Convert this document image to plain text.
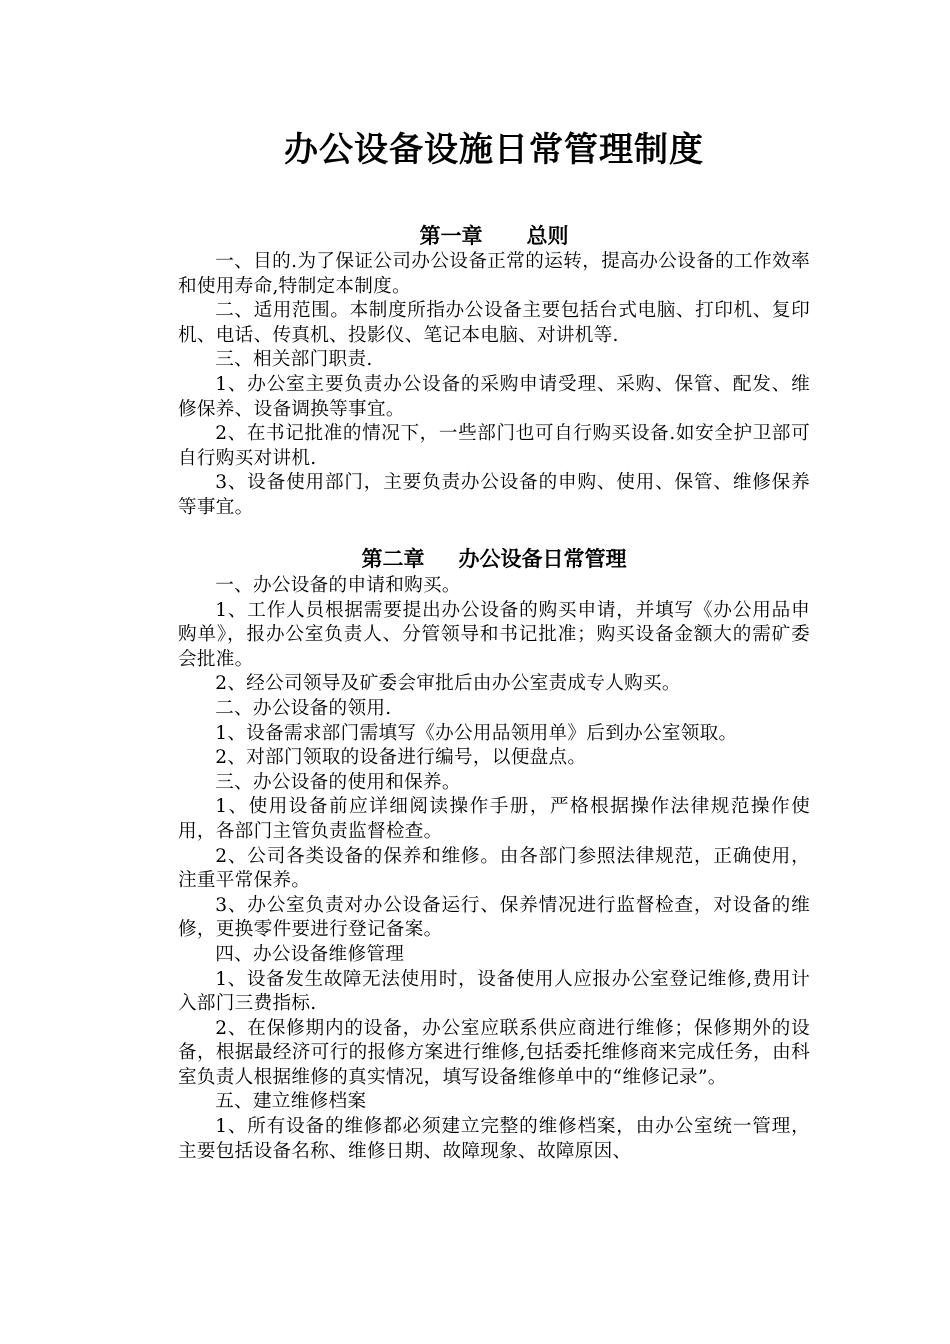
办公设备设施日常管理制度
第一章 总则

一、目的.为了保证公司办公设备正常的运转，提高办公设备的工作效率和使用寿命,特制定本制度。

二、适用范围。本制度所指办公设备主要包括台式电脑、打印机、复印机、电话、传真机、投影仪、笔记本电脑、对讲机等.

三、相关部门职责.

1、办公室主要负责办公设备的采购申请受理、采购、保管、配发、维修保养、设备调换等事宜。

2、在书记批准的情况下，一些部门也可自行购买设备.如安全护卫部可自行购买对讲机.

3、设备使用部门，主要负责办公设备的申购、使用、保管、维修保养等事宜。

第二章 办公设备日常管理

一、办公设备的申请和购买。

1、工作人员根据需要提出办公设备的购买申请，并填写《办公用品申购单》，报办公室负责人、分管领导和书记批准；购买设备金额大的需矿委会批准。

2、经公司领导及矿委会审批后由办公室责成专人购买。

二、办公设备的领用.

1、设备需求部门需填写《办公用品领用单》后到办公室领取。

2、对部门领取的设备进行编号，以便盘点。

三、办公设备的使用和保养。

1、使用设备前应详细阅读操作手册，严格根据操作法律规范操作使用，各部门主管负责监督检查。

2、公司各类设备的保养和维修。由各部门参照法律规范，正确使用，注重平常保养。

3、办公室负责对办公设备运行、保养情况进行监督检查，对设备的维修，更换零件要进行登记备案。

四、办公设备维修管理

1、设备发生故障无法使用时，设备使用人应报办公室登记维修,费用计入部门三费指标.

2、在保修期内的设备，办公室应联系供应商进行维修；保修期外的设备，根据最经济可行的报修方案进行维修,包括委托维修商来完成任务，由科室负责人根据维修的真实情况，填写设备维修单中的“维修记录”。

五、建立维修档案

1、所有设备的维修都必须建立完整的维修档案，由办公室统一管理，主要包括设备名称、维修日期、故障现象、故障原因、
